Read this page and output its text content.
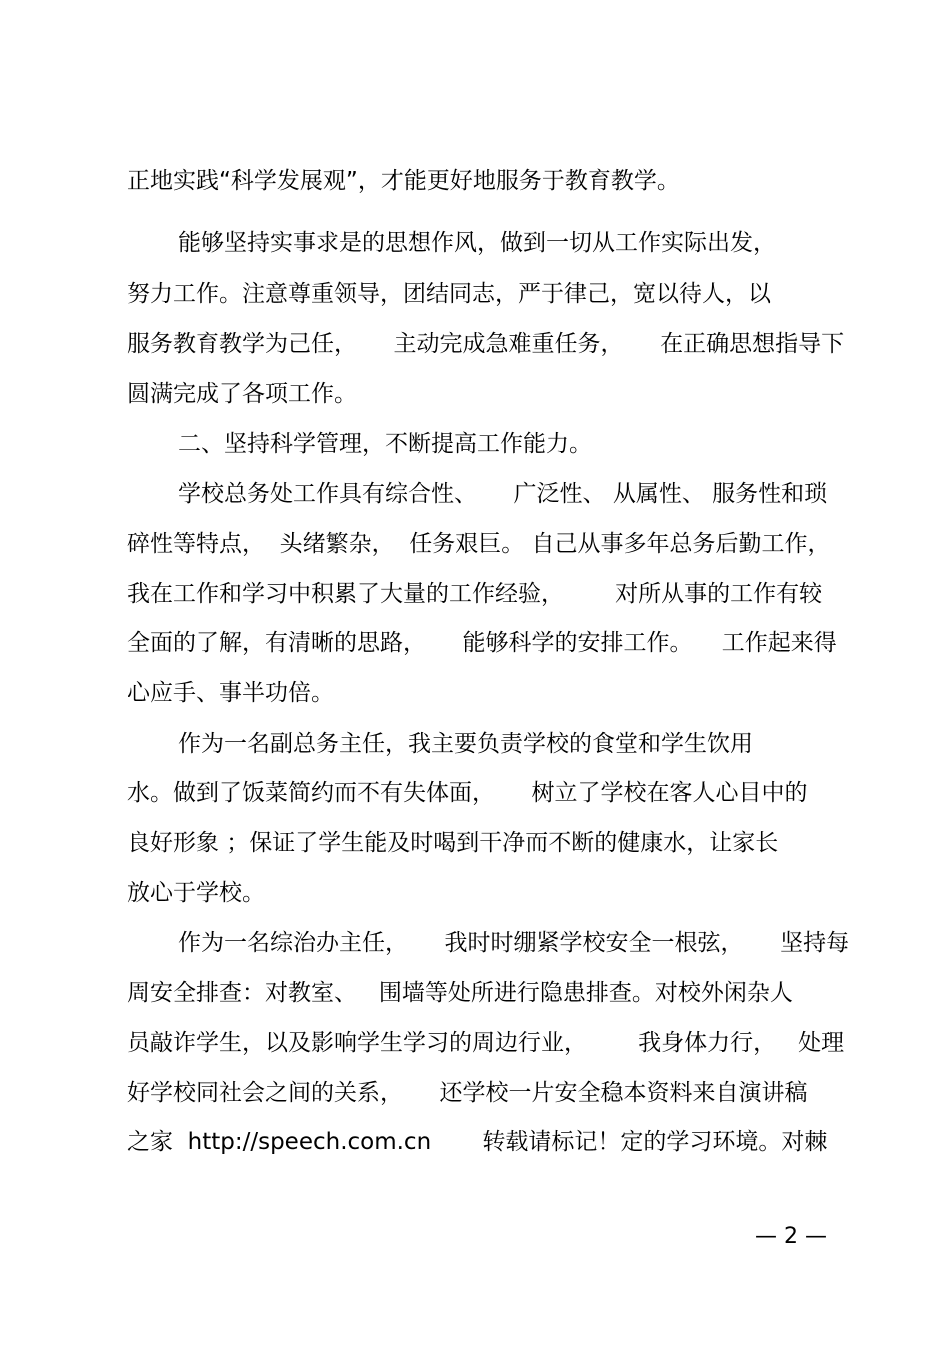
正地实践“科学发展观”，才能更好地服务于教育教学。
能够坚持实事求是的思想作风，做到一切从工作实际出发，
努力工作。注意尊重领导，团结同志，严于律己，宽以待人，以
服务教育教学为己任，     主动完成急难重任务，     在正确思想指导下
圆满完成了各项工作。
二、坚持科学管理，不断提高工作能力。
学校总务处工作具有综合性、     广泛性、 从属性、 服务性和琐
碎性等特点，  头绪繁杂，  任务艰巨。 自己从事多年总务后勤工作，
我在工作和学习中积累了大量的工作经验，       对所从事的工作有较
全面的了解，有清晰的思路，     能够科学的安排工作。    工作起来得
心应手、事半功倍。
作为一名副总务主任，我主要负责学校的食堂和学生饮用
水。做到了饭菜简约而不有失体面，     树立了学校在客人心目中的
良好形象 ；保证了学生能及时喝到干净而不断的健康水，让家长
放心于学校。
作为一名综治办主任，     我时时绷紧学校安全一根弦，     坚持每
周安全排查：对教室、   围墙等处所进行隐患排查。对校外闲杂人
员敲诈学生，以及影响学生学习的周边行业，       我身体力行，   处理
好学校同社会之间的关系，     还学校一片安全稳本资料来自演讲稿
之家  http://speech.com.cn       转载请标记！定的学习环境。对棘
— 2 —
